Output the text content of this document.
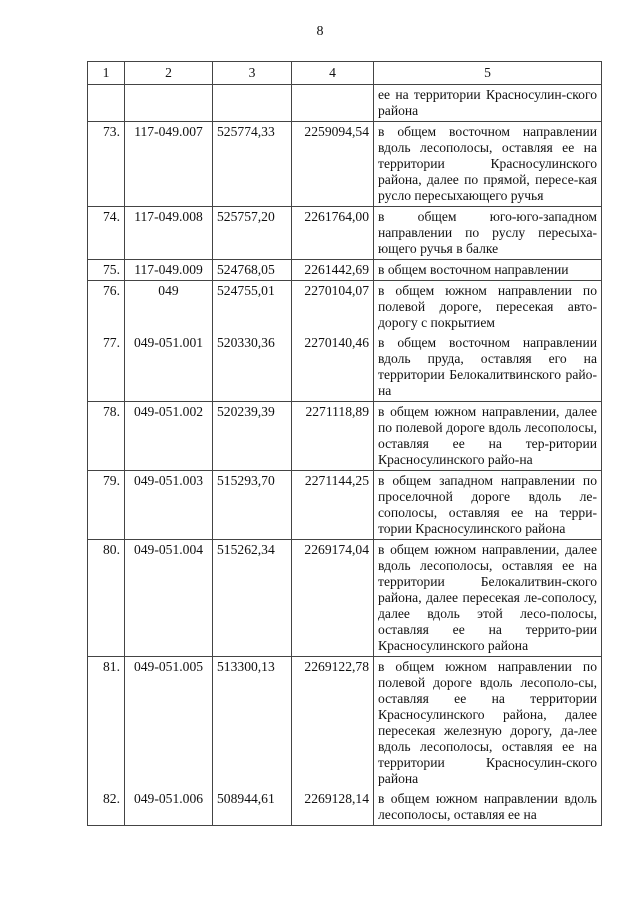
8
1	2	3	4	5
				ее на территории Красносулин-ского района
73.	117-049.007	525774,33	2259094,54	в общем восточном направлении вдоль лесополосы, оставляя ее на территории Красносулинского района, далее по прямой, пересе-кая русло пересыхающего ручья
74.	117-049.008	525757,20	2261764,00	в общем юго-юго-западном направлении по руслу пересыха-ющего ручья в балке
75.	117-049.009	524768,05	2261442,69	в общем восточном направлении
76.	049	524755,01	2270104,07	в общем южном направлении по полевой дороге, пересекая авто-дорогу с покрытием
77.	049-051.001	520330,36	2270140,46	в общем восточном направлении вдоль пруда, оставляя его на территории Белокалитвинского райо-на
78.	049-051.002	520239,39	2271118,89	в общем южном направлении, далее по полевой дороге вдоль лесополосы, оставляя ее на тер-ритории Красносулинского райо-на
79.	049-051.003	515293,70	2271144,25	в общем западном направлении по проселочной дороге вдоль ле-сополосы, оставляя ее на терри-тории Красносулинского района
80.	049-051.004	515262,34	2269174,04	в общем южном направлении, далее вдоль лесополосы, оставляя ее на территории Белокалитвин-ского района, далее пересекая ле-сополосу, далее вдоль этой лесо-полосы, оставляя ее на террито-рии Красносулинского района
81.	049-051.005	513300,13	2269122,78	в общем южном направлении по полевой дороге вдоль лесополо-сы, оставляя ее на территории Красносулинского района, далее пересекая железную дорогу, да-лее вдоль лесополосы, оставляя ее на территории Красносулин-ского района
82.	049-051.006	508944,61	2269128,14	в общем южном направлении вдоль лесополосы, оставляя ее на
